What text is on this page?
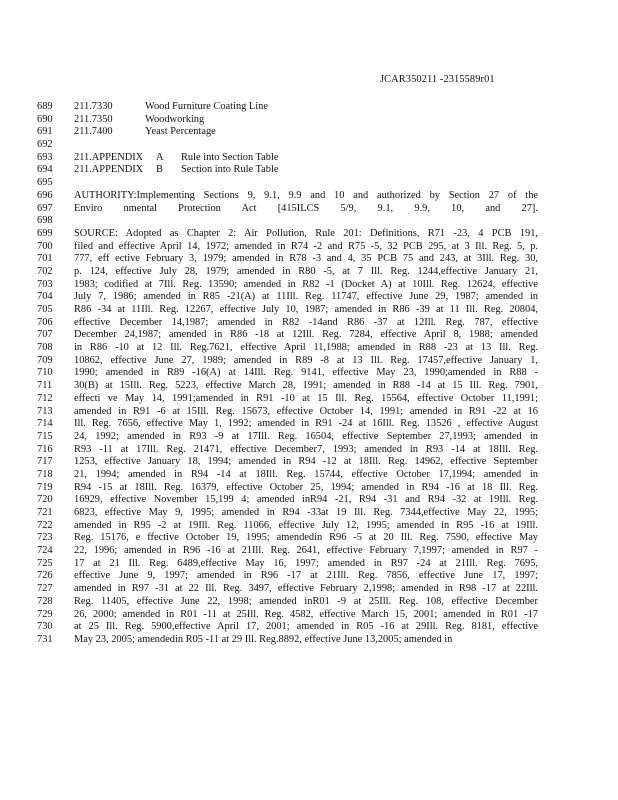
JCAR350211 -2315589r01
689	211.7330	Wood Furniture Coating Line
690	211.7350	Woodworking
691	211.7400	Yeast Percentage
692
693	211.APPENDIX A Rule into Section Table
694	211.APPENDIX B Section into Rule Table
695
696	AUTHORITY:Implementing Sections 9, 9.1, 9.9 and 10 and authorized by Section 27 of the
697	Enviro nmental Protection Act [415ILCS 5/9, 9.1, 9.9, 10, and 27].
698
699	SOURCE: Adopted as Chapter 2: Air Pollution, Rule 201: Definitions, R71 -23, 4 PCB 191,
700	filed and effective April 14, 1972; amended in R74 -2 and R75 -5, 32 PCB 295, at 3 Ill. Reg. 5, p.
701	777, eff ective February 3, 1979; amended in R78 -3 and 4, 35 PCB 75 and 243, at 3Ill. Reg. 30,
702	p. 124, effective July 28, 1979; amended in R80 -5, at 7 Ill. Reg. 1244,effective January 21,
703	1983; codified at 7Ill. Reg. 13590; amended in R82 -1 (Docket A) at 10Ill. Reg. 12624, effective
704	July 7, 1986; amended in R85 -21(A) at 11Ill. Reg. 11747, effective June 29, 1987; amended in
705	R86 -34 at 11Ill. Reg. 12267, effective July 10, 1987; amended in R86 -39 at 11 Ill. Reg. 20804,
706	effective December 14,1987; amended in R82 -14and R86 -37 at 12Ill. Reg. 787, effective
707	December 24,1987; amended in R86 -18 at 12Ill. Reg. 7284, effective April 8, 1988; amended
708	in R86 -10 at 12 Ill. Reg.7621, effective April 11,1988; amended in R88 -23 at 13 Ill. Reg.
709	10862, effective June 27, 1989; amended in R89 -8 at 13 Ill. Reg. 17457,effective January 1,
710	1990; amended in R89 -16(A) at 14Ill. Reg. 9141, effective May 23, 1990;amended in R88 -
711	30(B) at 15Ill. Reg. 5223, effective March 28, 1991; amended in R88 -14 at 15 Ill. Reg. 7901,
712	effecti ve May 14, 1991;amended in R91 -10 at 15 Ill. Reg. 15564, effective October 11,1991;
713	amended in R91 -6 at 15Ill. Reg. 15673, effective October 14, 1991; amended in R91 -22 at 16
714	Ill. Reg. 7656, effective May 1, 1992; amended in R91 -24 at 16Ill. Reg. 13526 , effective August
715	24, 1992; amended in R93 -9 at 17Ill. Reg. 16504, effective September 27,1993; amended in
716	R93 -11 at 17Ill. Reg. 21471, effective December7, 1993; amended in R93 -14 at 18Ill. Reg.
717	1253, effective January 18, 1994; amended in R94 -12 at 18Ill. Reg. 14962, effective September
718	21, 1994; amended in R94 -14 at 18Ill. Reg. 15744, effective October 17,1994; amended in
719	R94 -15 at 18Ill. Reg. 16379, effective October 25, 1994; amended in R94 -16 at 18 Ill. Reg.
720	16929, effective November 15,199 4; amended inR94 -21, R94 -31 and R94 -32 at 19Ill. Reg.
721	6823, effective May 9, 1995; amended in R94 -33at 19 Ill. Reg. 7344,effective May 22, 1995;
722	amended in R95 -2 at 19Ill. Reg. 11066, effective July 12, 1995; amended in R95 -16 at 19Ill.
723	Reg. 15176, e ffective October 19, 1995; amendedin R96 -5 at 20 Ill. Reg. 7590, effective May
724	22, 1996; amended in R96 -16 at 21Ill. Reg. 2641, effective February 7,1997; amended in R97 -
725	17 at 21 Ill. Reg. 6489,effective May 16, 1997; amended in R97 -24 at 21Ill. Reg. 7695,
726	effective June 9, 1997; amended in R96 -17 at 21Ill. Reg. 7856, effective June 17, 1997;
727	amended in R97 -31 at 22 Ill. Reg. 3497, effective February 2,1998; amended in R98 -17 at 22Ill.
728	Reg. 11405, effective June 22, 1998; amended inR01 -9 at 25Ill. Reg. 108, effective December
729	26, 2000; amended in R01 -11 at 25Ill. Reg. 4582, effective March 15, 2001; amended in R01 -17
730	at 25 Ill. Reg. 5900,effective April 17, 2001; amended in R05 -16 at 29Ill. Reg. 8181, effective
731	May 23, 2005; amendedin R05 -11 at 29 Ill. Reg.8892, effective June 13,2005; amended in
